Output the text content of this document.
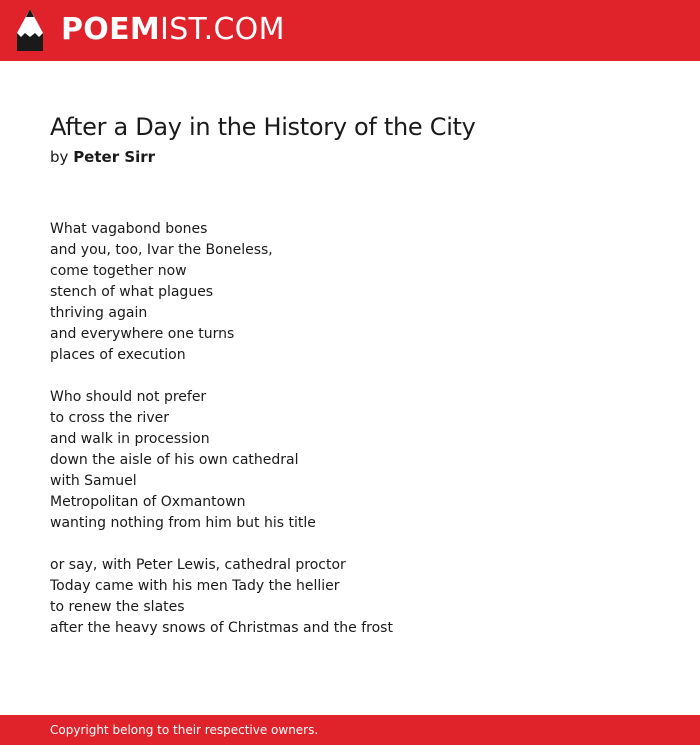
POEMIST.COM
After a Day in the History of the City
by Peter Sirr
What vagabond bones
and you, too, Ivar the Boneless,
come together now
stench of what plagues
thriving again
and everywhere one turns
places of execution
Who should not prefer
to cross the river
and walk in procession
down the aisle of his own cathedral
with Samuel
Metropolitan of Oxmantown
wanting nothing from him but his title
or say, with Peter Lewis, cathedral proctor
Today came with his men Tady the hellier
to renew the slates
after the heavy snows of Christmas and the frost
Copyright belong to their respective owners.
